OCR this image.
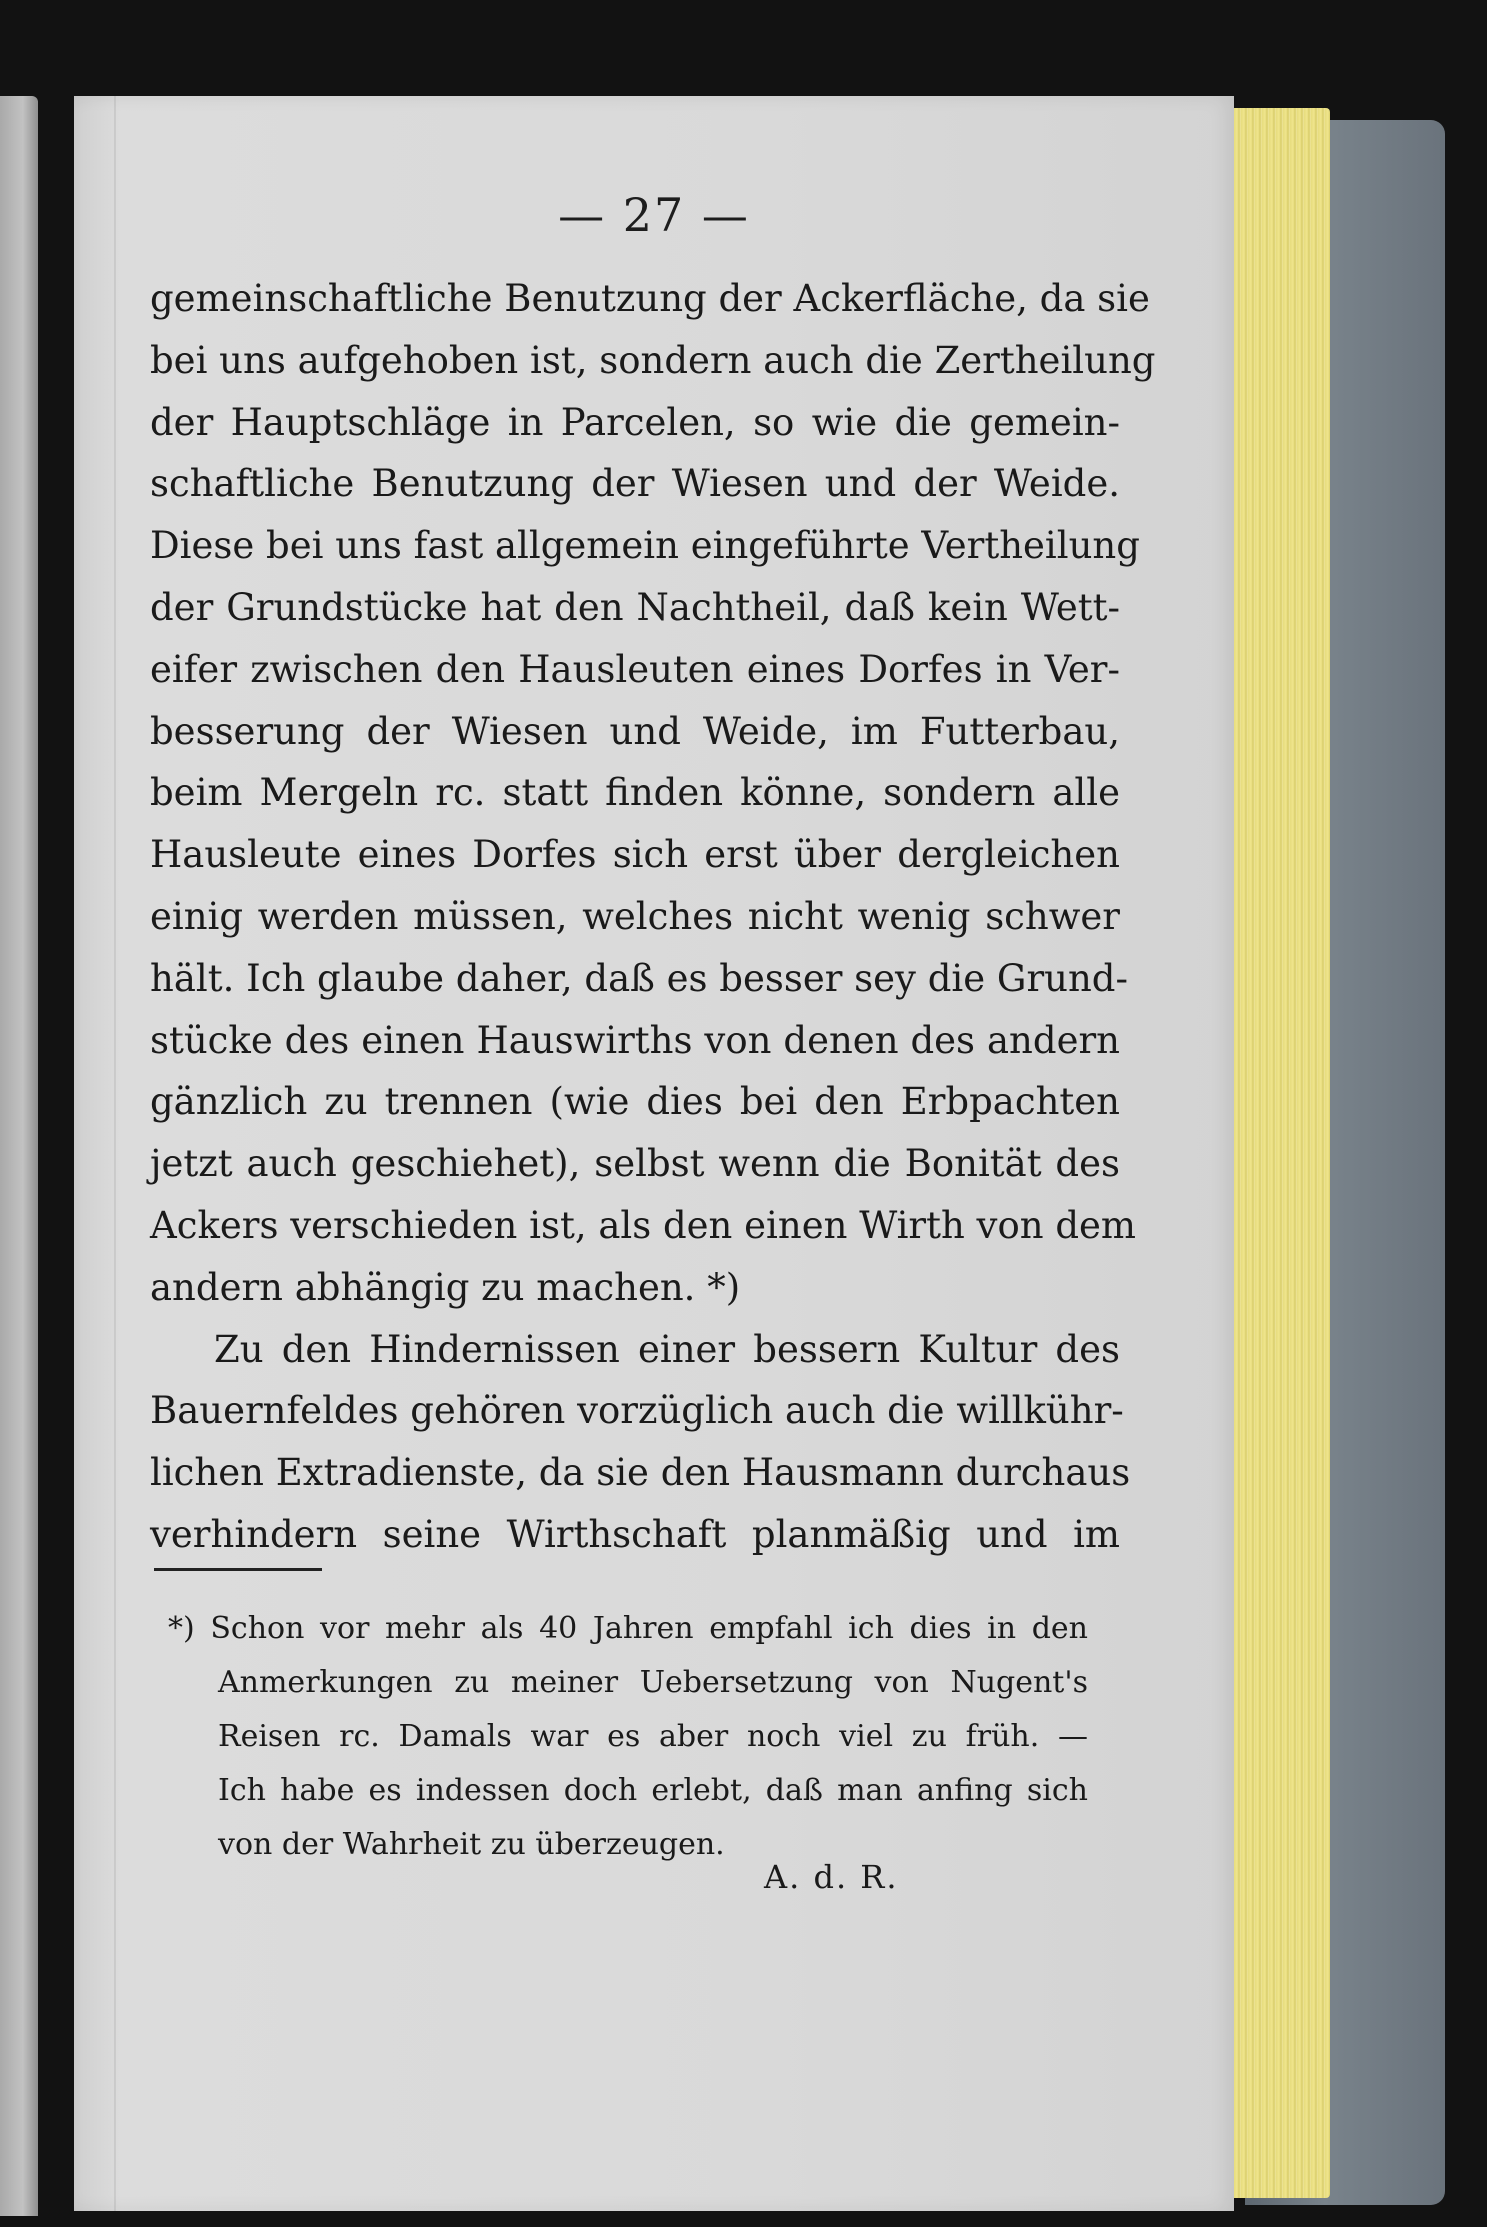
— 27 —
gemeinschaftliche Benutzung der Ackerfläche, da sie
bei uns aufgehoben ist, sondern auch die Zertheilung
der Hauptschläge in Parcelen, so wie die gemein-
schaftliche Benutzung der Wiesen und der Weide.
Diese bei uns fast allgemein eingeführte Vertheilung
der Grundstücke hat den Nachtheil, daß kein Wett-
eifer zwischen den Hausleuten eines Dorfes in Ver-
besserung der Wiesen und Weide, im Futterbau,
beim Mergeln rc. statt finden könne, sondern alle
Hausleute eines Dorfes sich erst über dergleichen
einig werden müssen, welches nicht wenig schwer
hält. Ich glaube daher, daß es besser sey die Grund-
stücke des einen Hauswirths von denen des andern
gänzlich zu trennen (wie dies bei den Erbpachten
jetzt auch geschiehet), selbst wenn die Bonität des
Ackers verschieden ist, als den einen Wirth von dem
andern abhängig zu machen. *)
Zu den Hindernissen einer bessern Kultur des
Bauernfeldes gehören vorzüglich auch die willkühr-
lichen Extradienste, da sie den Hausmann durchaus
verhindern seine Wirthschaft planmäßig und im
*) Schon vor mehr als 40 Jahren empfahl ich dies in den
Anmerkungen zu meiner Uebersetzung von Nugent's
Reisen rc. Damals war es aber noch viel zu früh. —
Ich habe es indessen doch erlebt, daß man anfing sich
von der Wahrheit zu überzeugen.
A. d. R.
